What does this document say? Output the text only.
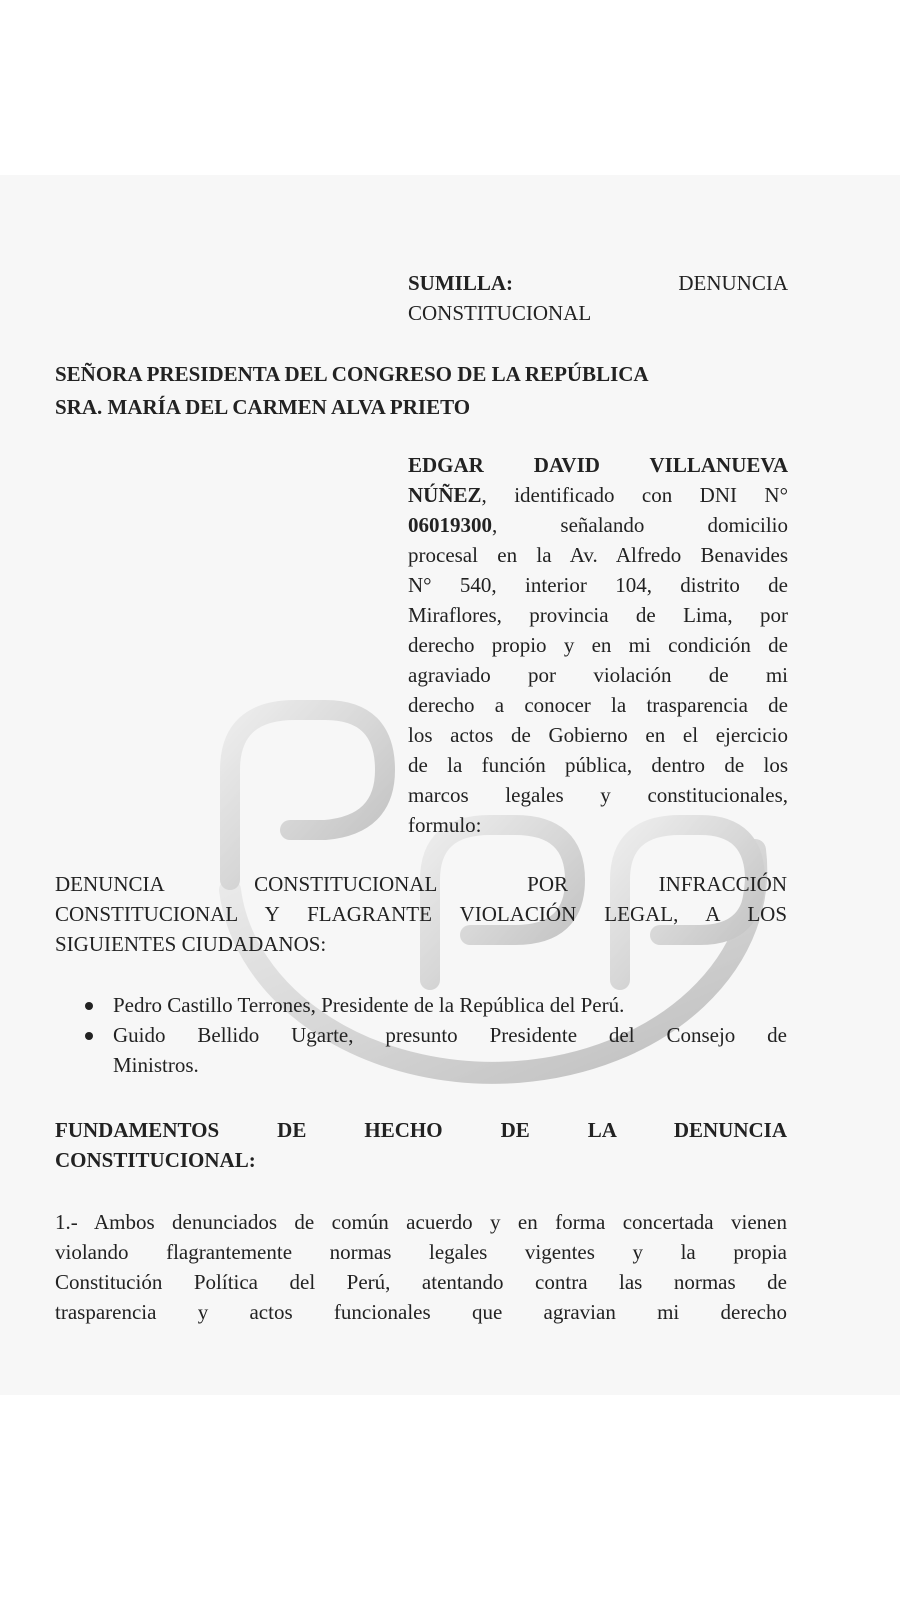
SUMILLA:	DENUNCIA
CONSTITUCIONAL
SEÑORA PRESIDENTA DEL CONGRESO DE LA REPÚBLICA
SRA. MARÍA DEL CARMEN ALVA PRIETO
EDGAR DAVID VILLANUEVA
NÚÑEZ, identificado con DNI N°
06019300, señalando domicilio
procesal en la Av. Alfredo Benavides
N° 540, interior 104, distrito de
Miraflores, provincia de Lima, por
derecho propio y en mi condición de
agraviado por violación de mi
derecho a conocer la trasparencia de
los actos de Gobierno en el ejercicio
de la función pública, dentro de los
marcos legales y constitucionales,
formulo:
DENUNCIA CONSTITUCIONAL POR INFRACCIÓN
CONSTITUCIONAL Y FLAGRANTE VIOLACIÓN LEGAL, A LOS
SIGUIENTES CIUDADANOS:
Pedro Castillo Terrones, Presidente de la República del Perú.
Guido Bellido Ugarte, presunto Presidente del Consejo de
Ministros.
FUNDAMENTOS DE HECHO DE LA DENUNCIA
CONSTITUCIONAL:
1.- Ambos denunciados de común acuerdo y en forma concertada vienen
violando flagrantemente normas legales vigentes y la propia
Constitución Política del Perú, atentando contra las normas de
trasparencia y actos funcionales que agravian mi derecho
